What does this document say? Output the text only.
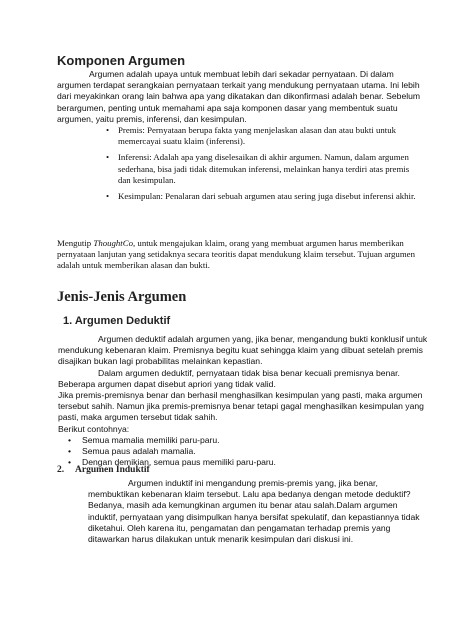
Komponen Argumen

Argumen adalah upaya untuk membuat lebih dari sekadar pernyataan. Di dalam argumen terdapat serangkaian pernyataan terkait yang mendukung pernyataan utama. Ini lebih dari meyakinkan orang lain bahwa apa yang dikatakan dan dikonfirmasi adalah benar. Sebelum berargumen, penting untuk memahami apa saja komponen dasar yang membentuk suatu argumen, yaitu premis, inferensi, dan kesimpulan.

• Premis: Pernyataan berupa fakta yang menjelaskan alasan dan atau bukti untuk memercayai suatu klaim (inferensi).
• Inferensi: Adalah apa yang diselesaikan di akhir argumen. Namun, dalam argumen sederhana, bisa jadi tidak ditemukan inferensi, melainkan hanya terdiri atas premis dan kesimpulan.
• Kesimpulan: Penalaran dari sebuah argumen atau sering juga disebut inferensi akhir.
Mengutip ThoughtCo, untuk mengajukan klaim, orang yang membuat argumen harus memberikan pernyataan lanjutan yang setidaknya secara teoritis dapat mendukung klaim tersebut. Tujuan argumen adalah untuk memberikan alasan dan bukti.
Jenis-Jenis Argumen
1. Argumen Deduktif

Argumen deduktif adalah argumen yang, jika benar, mengandung bukti konklusif untuk mendukung kebenaran klaim. Premisnya begitu kuat sehingga klaim yang dibuat setelah premis disajikan bukan lagi probabilitas melainkan kepastian.

Dalam argumen deduktif, pernyataan tidak bisa benar kecuali premisnya benar. Beberapa argumen dapat disebut apriori yang tidak valid.

Jika premis-premisnya benar dan berhasil menghasilkan kesimpulan yang pasti, maka argumen tersebut sahih. Namun jika premis-premisnya benar tetapi gagal menghasilkan kesimpulan yang pasti, maka argumen tersebut tidak sahih.

Berikut contohnya:

• Semua mamalia memiliki paru-paru.
• Semua paus adalah mamalia.
• Dengan demikian, semua paus memiliki paru-paru.
2. Argumen Induktif

Argumen induktif ini mengandung premis-premis yang, jika benar, membuktikan kebenaran klaim tersebut. Lalu apa bedanya dengan metode deduktif? Bedanya, masih ada kemungkinan argumen itu benar atau salah.Dalam argumen induktif, pernyataan yang disimpulkan hanya bersifat spekulatif, dan kepastiannya tidak diketahui. Oleh karena itu, pengamatan dan pengamatan terhadap premis yang ditawarkan harus dilakukan untuk menarik kesimpulan dari diskusi ini.
